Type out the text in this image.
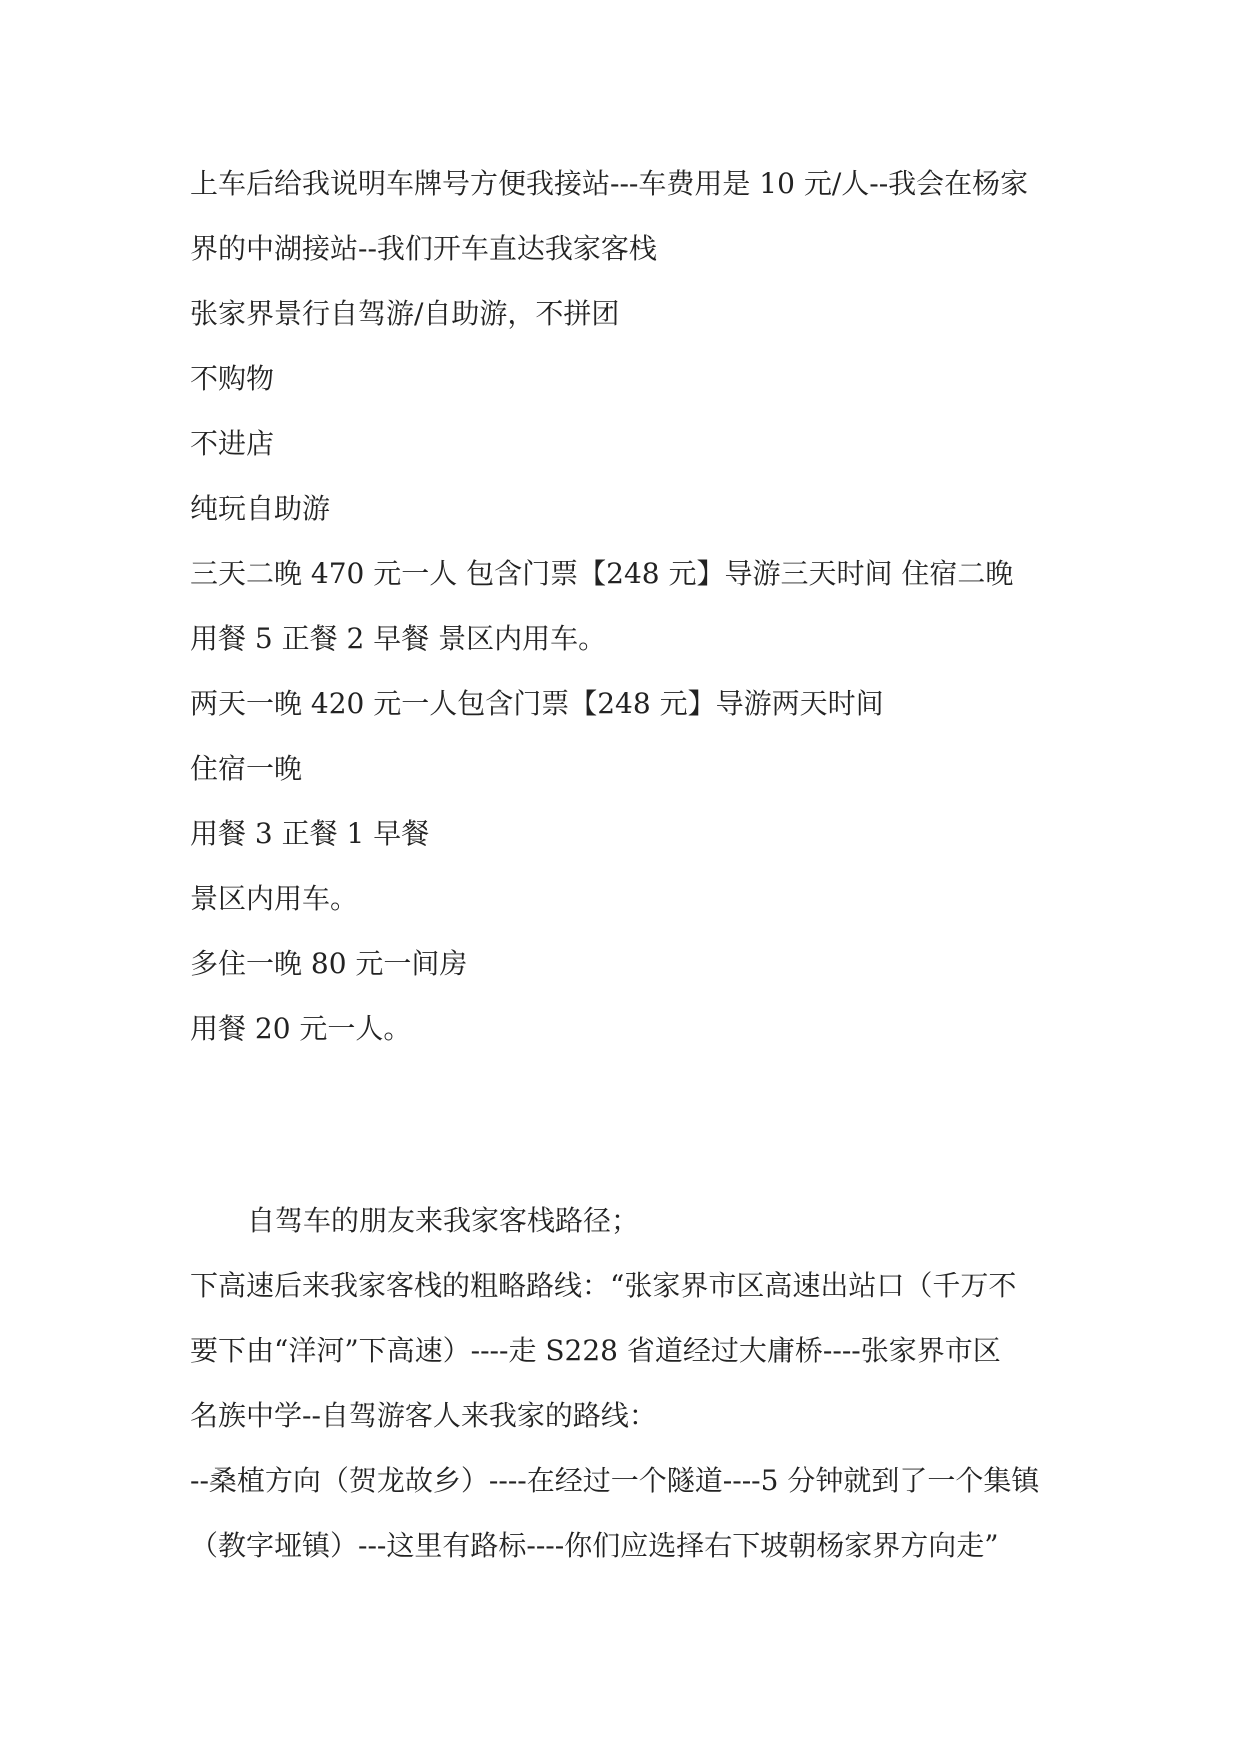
上车后给我说明车牌号方便我接站---车费用是 10 元/人--我会在杨家
界的中湖接站--我们开车直达我家客栈
张家界景行自驾游/自助游，不拼团
不购物
不进店
纯玩自助游
三天二晚 470 元一人 包含门票【248 元】导游三天时间 住宿二晚
用餐 5 正餐 2 早餐 景区内用车。
两天一晚 420 元一人包含门票【248 元】导游两天时间
住宿一晚
用餐 3 正餐 1 早餐
景区内用车。
多住一晚 80 元一间房
用餐 20 元一人。
自驾车的朋友来我家客栈路径；
下高速后来我家客栈的粗略路线：“张家界市区高速出站口（千万不
要下由“洋河”下高速）----走 S228 省道经过大庸桥----张家界市区
名族中学--自驾游客人来我家的路线：
--桑植方向（贺龙故乡）----在经过一个隧道----5 分钟就到了一个集镇
（教字垭镇）---这里有路标----你们应选择右下坡朝杨家界方向走”
